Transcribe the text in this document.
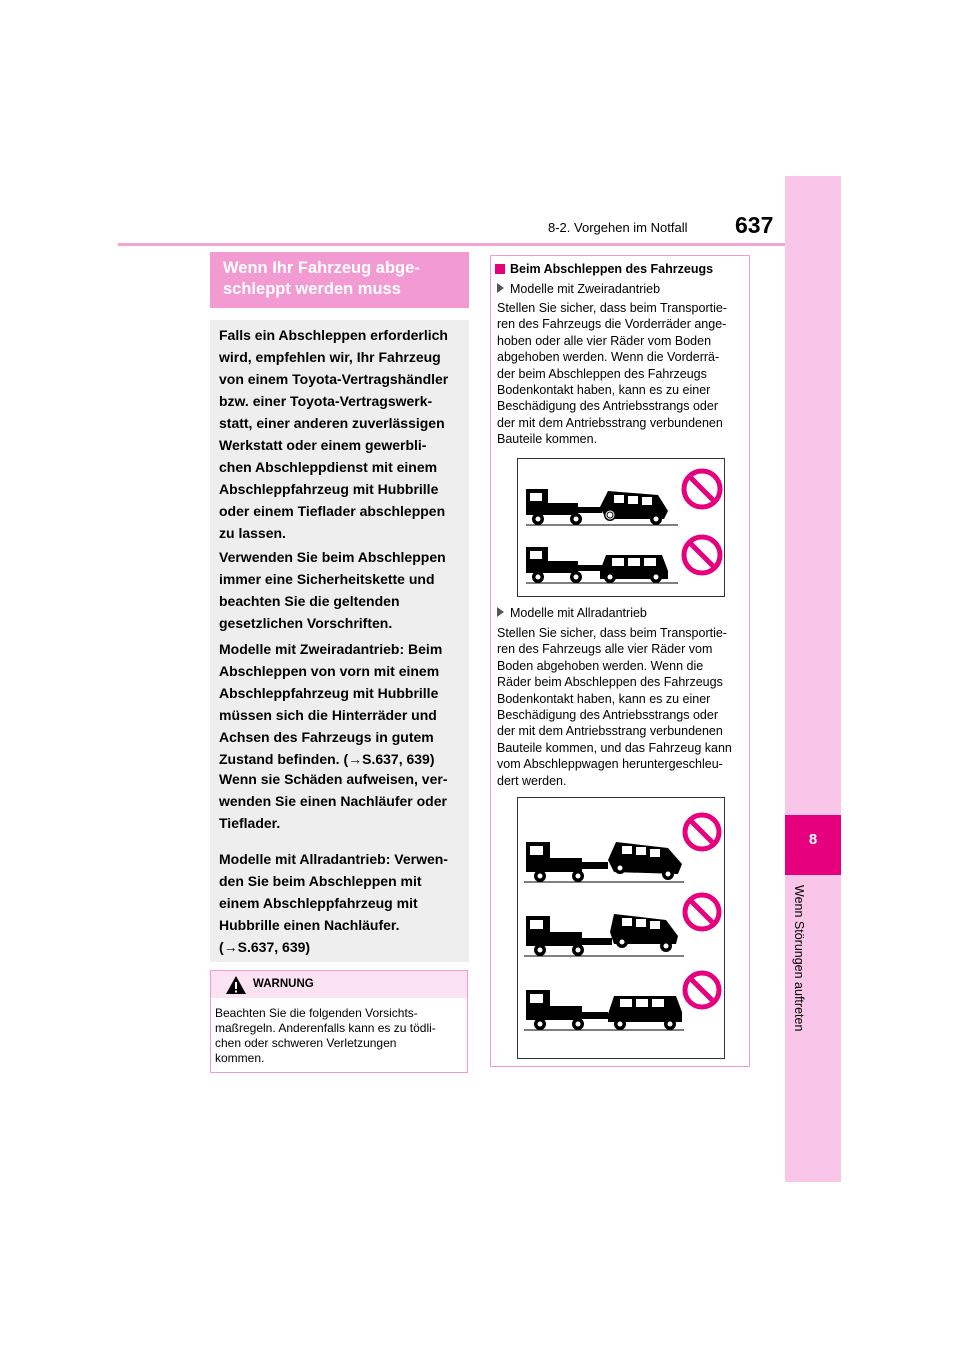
8-2. Vorgehen im Notfall 637
8
Wenn Störungen auftreten
Wenn Ihr Fahrzeug abge-
schleppt werden muss
Falls ein Abschleppen erforderlich
wird, empfehlen wir, Ihr Fahrzeug
von einem Toyota-Vertragshändler
bzw. einer Toyota-Vertragswerk-
statt, einer anderen zuverlässigen
Werkstatt oder einem gewerbli-
chen Abschleppdienst mit einem
Abschleppfahrzeug mit Hubbrille
oder einem Tieflader abschleppen
zu lassen.
Verwenden Sie beim Abschleppen
immer eine Sicherheitskette und
beachten Sie die geltenden
gesetzlichen Vorschriften.
Modelle mit Zweiradantrieb: Beim
Abschleppen von vorn mit einem
Abschleppfahrzeug mit Hubbrille
müssen sich die Hinterräder und
Achsen des Fahrzeugs in gutem
Zustand befinden. (→S.637, 639)
Wenn sie Schäden aufweisen, ver-
wenden Sie einen Nachläufer oder
Tieflader.
Modelle mit Allradantrieb: Verwen-
den Sie beim Abschleppen mit
einem Abschleppfahrzeug mit
Hubbrille einen Nachläufer.
(→S.637, 639)
WARNUNG
Beachten Sie die folgenden Vorsichts-
maßregeln. Anderenfalls kann es zu tödli-
chen oder schweren Verletzungen
kommen.
Beim Abschleppen des Fahrzeugs
Modelle mit Zweiradantrieb
Stellen Sie sicher, dass beim Transportie-
ren des Fahrzeugs die Vorderräder ange-
hoben oder alle vier Räder vom Boden
abgehoben werden. Wenn die Vorderrä-
der beim Abschleppen des Fahrzeugs
Bodenkontakt haben, kann es zu einer
Beschädigung des Antriebsstrangs oder
der mit dem Antriebsstrang verbundenen
Bauteile kommen.
Modelle mit Allradantrieb
Stellen Sie sicher, dass beim Transportie-
ren des Fahrzeugs alle vier Räder vom
Boden abgehoben werden. Wenn die
Räder beim Abschleppen des Fahrzeugs
Bodenkontakt haben, kann es zu einer
Beschädigung des Antriebsstrangs oder
der mit dem Antriebsstrang verbundenen
Bauteile kommen, und das Fahrzeug kann
vom Abschleppwagen heruntergeschleu-
dert werden.
